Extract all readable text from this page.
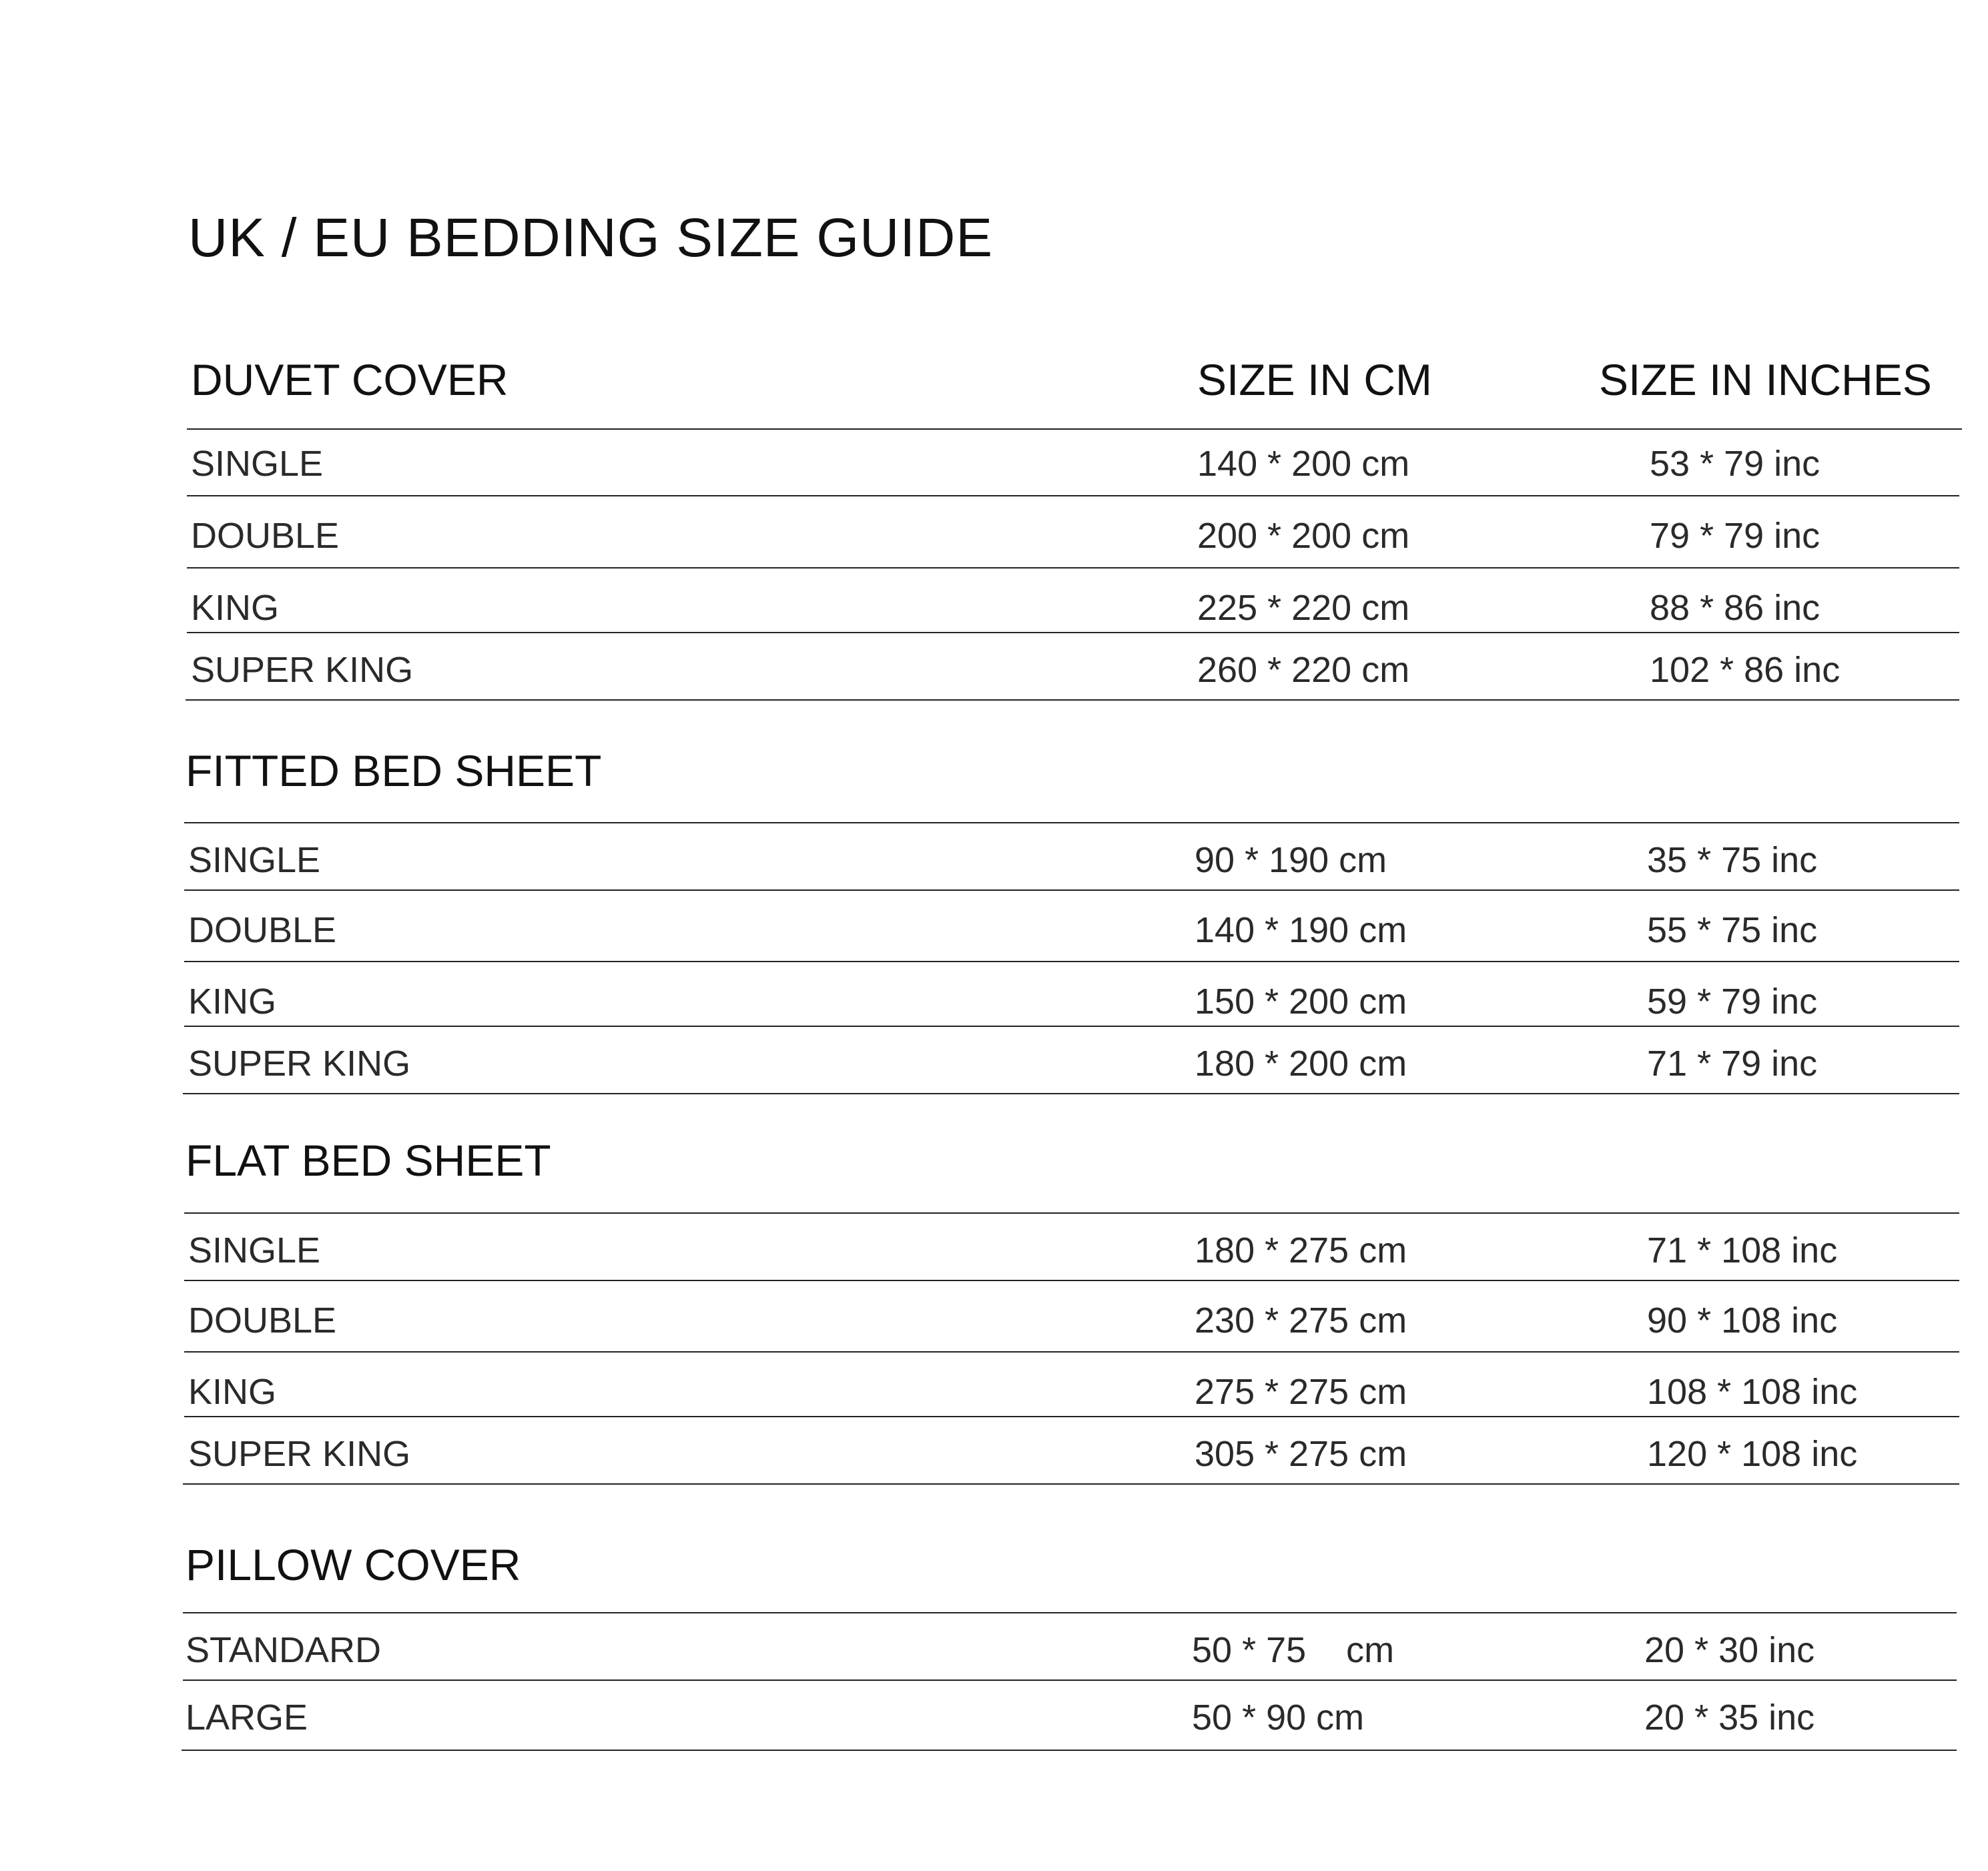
UK / EU BEDDING SIZE GUIDE
DUVET COVER	SIZE IN CM	SIZE IN INCHES
SINGLE	140 * 200 cm	53 * 79 inc
DOUBLE	200 * 200 cm	79 * 79 inc
KING	225 * 220 cm	88 * 86 inc
SUPER KING	260 * 220 cm	102 * 86 inc
FITTED BED SHEET
SINGLE	90 * 190 cm	35 * 75 inc
DOUBLE	140 * 190 cm	55 * 75 inc
KING	150 * 200 cm	59 * 79 inc
SUPER KING	180 * 200 cm	71 * 79 inc
FLAT BED SHEET
SINGLE	180 * 275 cm	71 * 108 inc
DOUBLE	230 * 275 cm	90 * 108 inc
KING	275 * 275 cm	108 * 108 inc
SUPER KING	305 * 275 cm	120 * 108 inc
PILLOW COVER
STANDARD	50 * 75    cm	20 * 30 inc
LARGE	50 * 90 cm	20 * 35 inc
